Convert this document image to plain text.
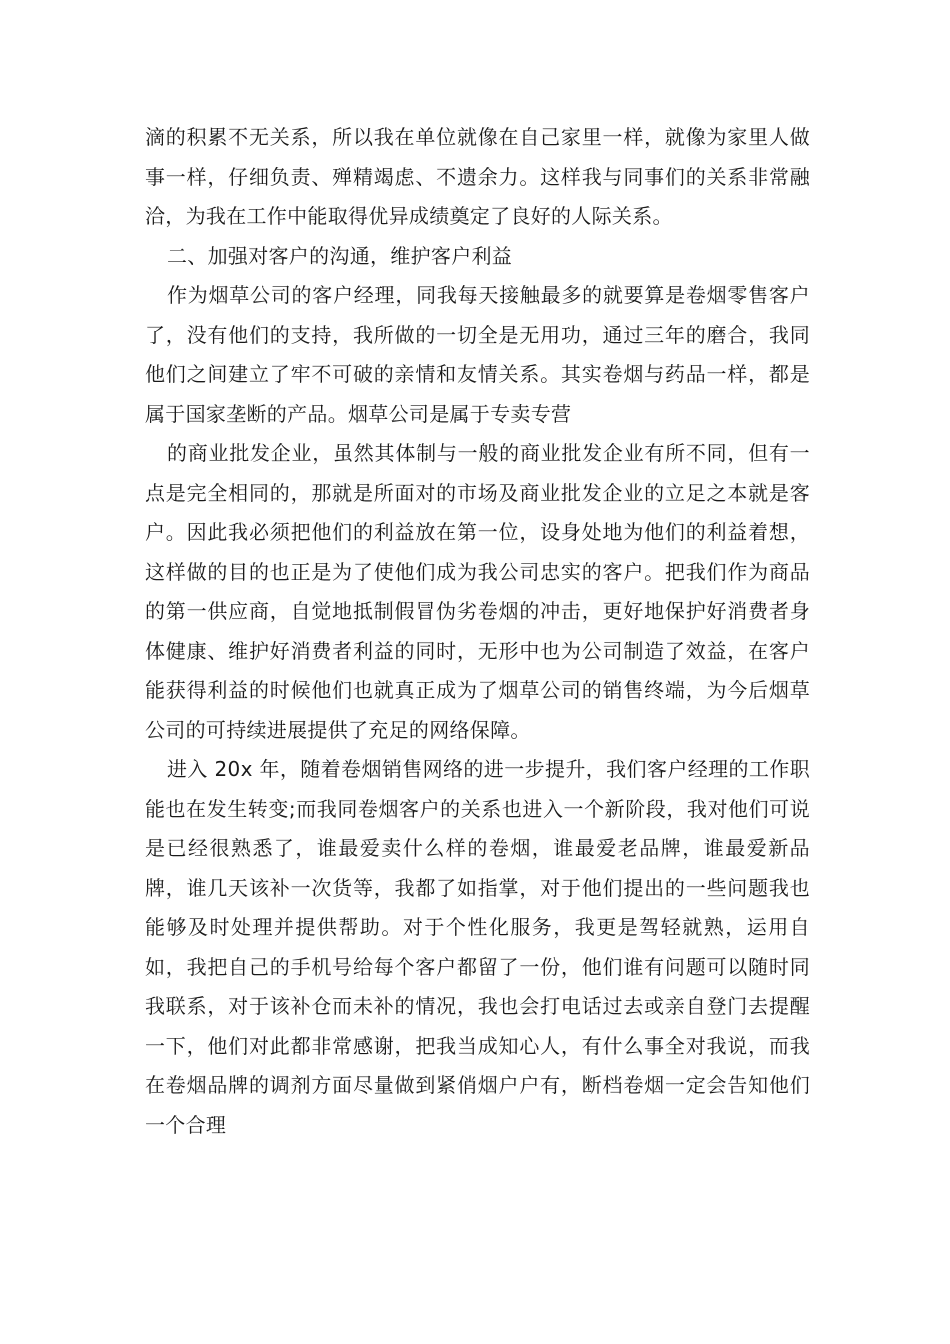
滴的积累不无关系，所以我在单位就像在自己家里一样，就像为家里人做事一样，仔细负责、殚精竭虑、不遗余力。这样我与同事们的关系非常融洽，为我在工作中能取得优异成绩奠定了良好的人际关系。

二、加强对客户的沟通，维护客户利益

作为烟草公司的客户经理，同我每天接触最多的就要算是卷烟零售客户了，没有他们的支持，我所做的一切全是无用功，通过三年的磨合，我同他们之间建立了牢不可破的亲情和友情关系。其实卷烟与药品一样，都是属于国家垄断的产品。烟草公司是属于专卖专营

的商业批发企业，虽然其体制与一般的商业批发企业有所不同，但有一点是完全相同的，那就是所面对的市场及商业批发企业的立足之本就是客户。因此我必须把他们的利益放在第一位，设身处地为他们的利益着想，这样做的目的也正是为了使他们成为我公司忠实的客户。把我们作为商品的第一供应商，自觉地抵制假冒伪劣卷烟的冲击，更好地保护好消费者身体健康、维护好消费者利益的同时，无形中也为公司制造了效益，在客户能获得利益的时候他们也就真正成为了烟草公司的销售终端，为今后烟草公司的可持续进展提供了充足的网络保障。

进入 20x 年，随着卷烟销售网络的进一步提升，我们客户经理的工作职能也在发生转变;而我同卷烟客户的关系也进入一个新阶段，我对他们可说是已经很熟悉了，谁最爱卖什么样的卷烟，谁最爱老品牌，谁最爱新品牌，谁几天该补一次货等，我都了如指掌，对于他们提出的一些问题我也能够及时处理并提供帮助。对于个性化服务，我更是驾轻就熟，运用自如，我把自己的手机号给每个客户都留了一份，他们谁有问题可以随时同我联系，对于该补仓而未补的情况，我也会打电话过去或亲自登门去提醒一下，他们对此都非常感谢，把我当成知心人，有什么事全对我说，而我在卷烟品牌的调剂方面尽量做到紧俏烟户户有，断档卷烟一定会告知他们一个合理
